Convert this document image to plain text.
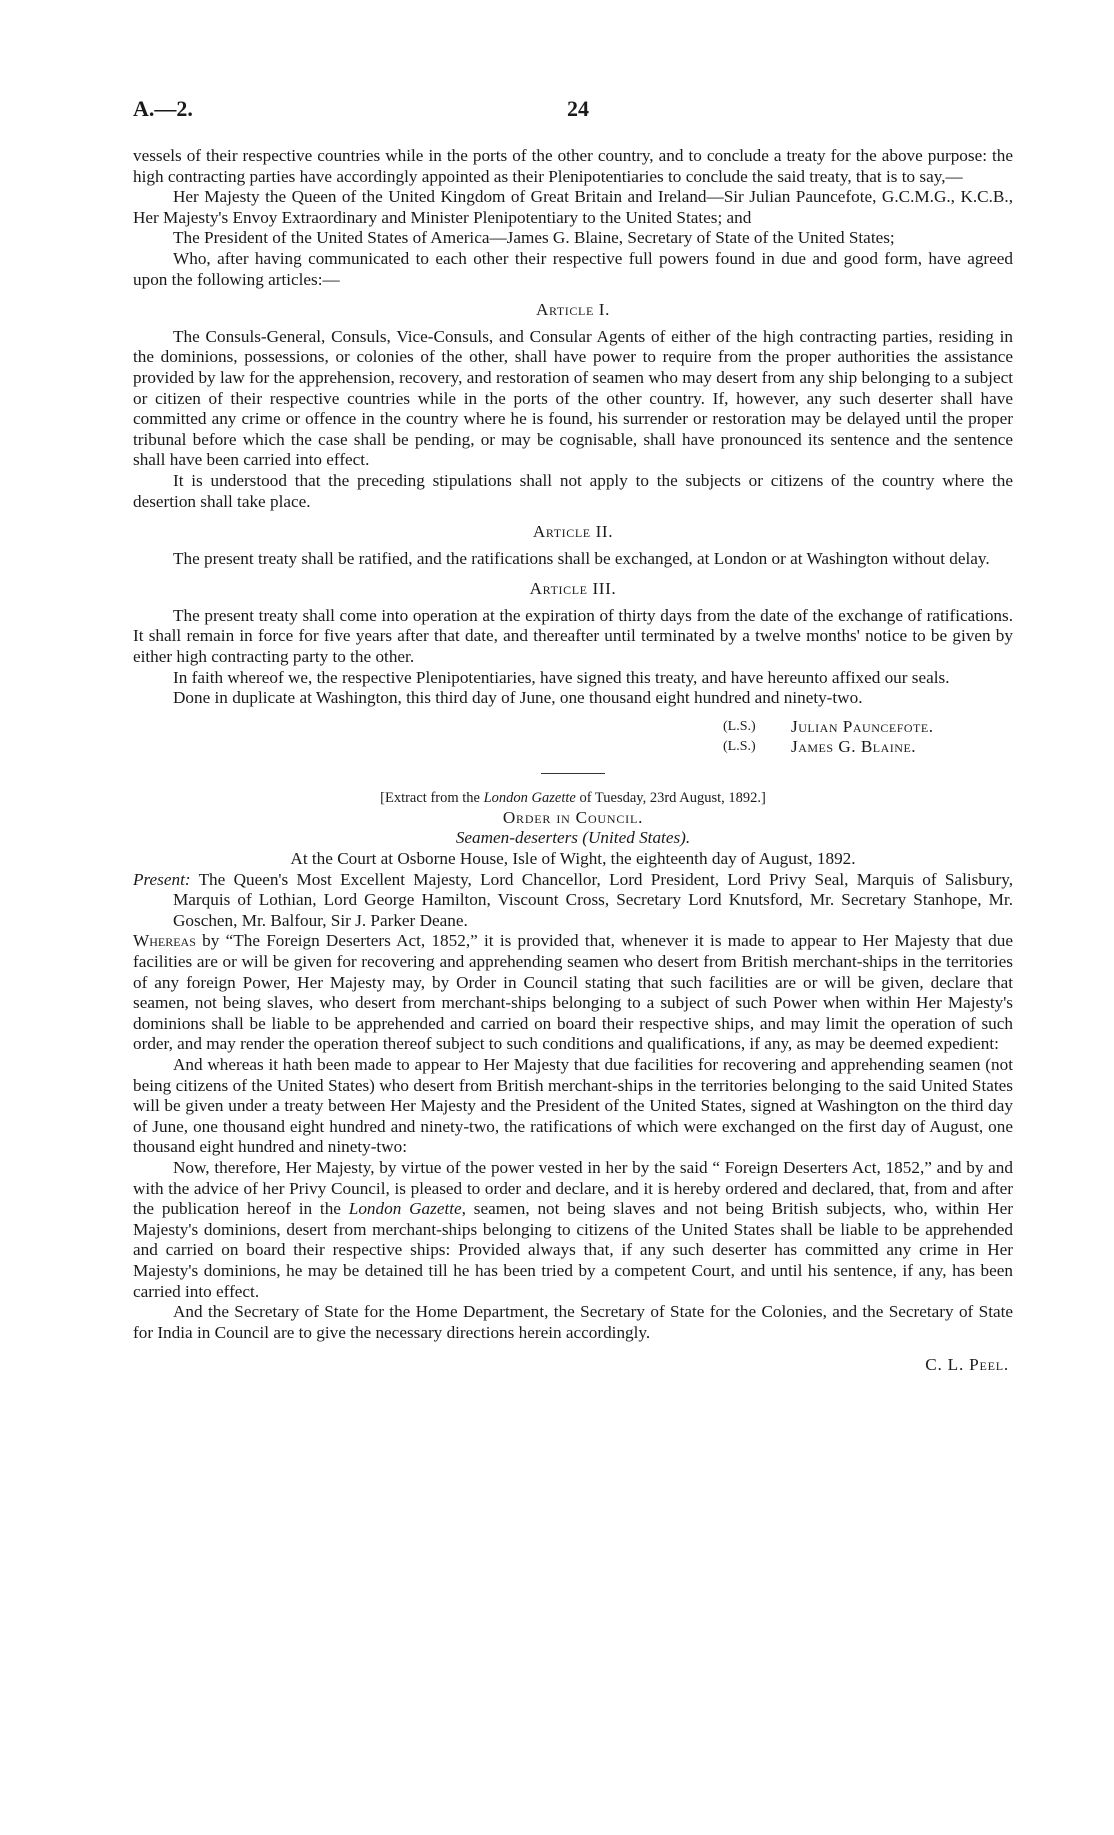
A.—2.	24

vessels of their respective countries while in the ports of the other country, and to conclude a treaty for the above purpose: the high contracting parties have accordingly appointed as their Plenipotentiaries to conclude the said treaty, that is to say,—

Her Majesty the Queen of the United Kingdom of Great Britain and Ireland—Sir Julian Pauncefote, G.C.M.G., K.C.B., Her Majesty's Envoy Extraordinary and Minister Plenipotentiary to the United States; and

The President of the United States of America—James G. Blaine, Secretary of State of the United States;

Who, after having communicated to each other their respective full powers found in due and good form, have agreed upon the following articles:—

Article I.

The Consuls-General, Consuls, Vice-Consuls, and Consular Agents of either of the high contracting parties, residing in the dominions, possessions, or colonies of the other, shall have power to require from the proper authorities the assistance provided by law for the apprehension, recovery, and restoration of seamen who may desert from any ship belonging to a subject or citizen of their respective countries while in the ports of the other country. If, however, any such deserter shall have committed any crime or offence in the country where he is found, his surrender or restoration may be delayed until the proper tribunal before which the case shall be pending, or may be cognisable, shall have pronounced its sentence and the sentence shall have been carried into effect.

It is understood that the preceding stipulations shall not apply to the subjects or citizens of the country where the desertion shall take place.

Article II.

The present treaty shall be ratified, and the ratifications shall be exchanged, at London or at Washington without delay.

Article III.

The present treaty shall come into operation at the expiration of thirty days from the date of the exchange of ratifications. It shall remain in force for five years after that date, and thereafter until terminated by a twelve months' notice to be given by either high contracting party to the other.

In faith whereof we, the respective Plenipotentiaries, have signed this treaty, and have hereunto affixed our seals.

Done in duplicate at Washington, this third day of June, one thousand eight hundred and ninety-two.

(L.S.)	Julian Pauncefote.
(L.S.)	James G. Blaine.
[Extract from the London Gazette of Tuesday, 23rd August, 1892.]
Order in Council.
Seamen-deserters (United States).
At the Court at Osborne House, Isle of Wight, the eighteenth day of August, 1892.

Present: The Queen's Most Excellent Majesty, Lord Chancellor, Lord President, Lord Privy Seal, Marquis of Salisbury, Marquis of Lothian, Lord George Hamilton, Viscount Cross, Secretary Lord Knutsford, Mr. Secretary Stanhope, Mr. Goschen, Mr. Balfour, Sir J. Parker Deane.

Whereas by “The Foreign Deserters Act, 1852,” it is provided that, whenever it is made to appear to Her Majesty that due facilities are or will be given for recovering and apprehending seamen who desert from British merchant-ships in the territories of any foreign Power, Her Majesty may, by Order in Council stating that such facilities are or will be given, declare that seamen, not being slaves, who desert from merchant-ships belonging to a subject of such Power when within Her Majesty's dominions shall be liable to be apprehended and carried on board their respective ships, and may limit the operation of such order, and may render the operation thereof subject to such conditions and qualifications, if any, as may be deemed expedient:

And whereas it hath been made to appear to Her Majesty that due facilities for recovering and apprehending seamen (not being citizens of the United States) who desert from British merchant-ships in the territories belonging to the said United States will be given under a treaty between Her Majesty and the President of the United States, signed at Washington on the third day of June, one thousand eight hundred and ninety-two, the ratifications of which were exchanged on the first day of August, one thousand eight hundred and ninety-two:

Now, therefore, Her Majesty, by virtue of the power vested in her by the said “ Foreign Deserters Act, 1852,” and by and with the advice of her Privy Council, is pleased to order and declare, and it is hereby ordered and declared, that, from and after the publication hereof in the London Gazette, seamen, not being slaves and not being British subjects, who, within Her Majesty's dominions, desert from merchant-ships belonging to citizens of the United States shall be liable to be apprehended and carried on board their respective ships: Provided always that, if any such deserter has committed any crime in Her Majesty's dominions, he may be detained till he has been tried by a competent Court, and until his sentence, if any, has been carried into effect.

And the Secretary of State for the Home Department, the Secretary of State for the Colonies, and the Secretary of State for India in Council are to give the necessary directions herein accordingly.

C. L. Peel.
